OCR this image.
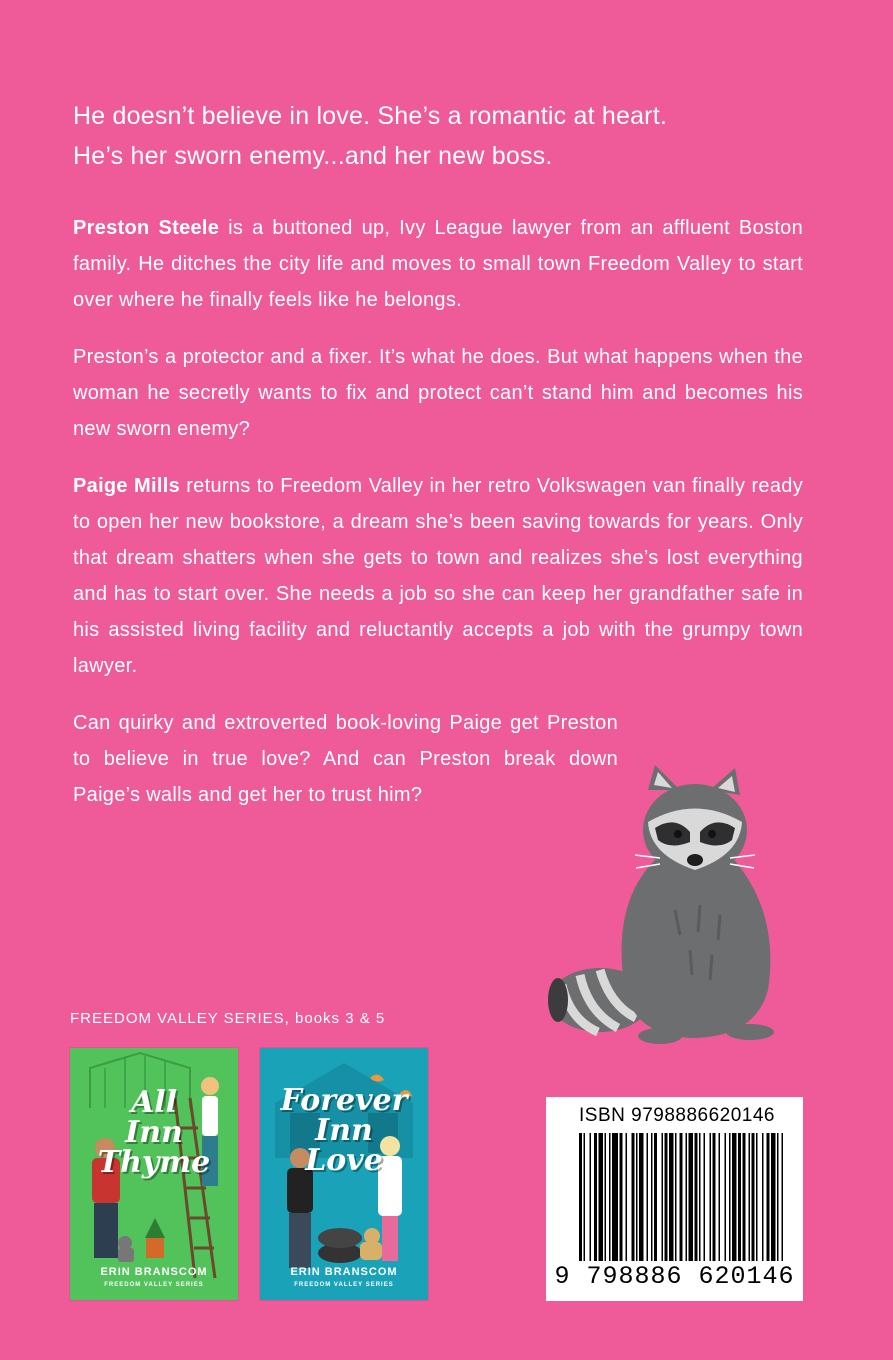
He doesn’t believe in love. She’s a romantic at heart.
He’s her sworn enemy...and her new boss.

Preston Steele is a buttoned up, Ivy League lawyer from an affluent Boston family. He ditches the city life and moves to small town Freedom Valley to start over where he finally feels like he belongs.

Preston’s a protector and a fixer. It’s what he does. But what happens when the woman he secretly wants to fix and protect can’t stand him and becomes his new sworn enemy?

Paige Mills returns to Freedom Valley in her retro Volkswagen van finally ready to open her new bookstore, a dream she’s been saving towards for years. Only that dream shatters when she gets to town and realizes she’s lost everything and has to start over. She needs a job so she can keep her grandfather safe in his assisted living facility and reluctantly accepts a job with the grumpy town lawyer.

Can quirky and extroverted book-loving Paige get Preston to believe in true love? And can Preston break down Paige’s walls and get her to trust him?

FREEDOM VALLEY SERIES, books 3 & 5
All
Inn
Thyme
ERIN BRANSCOM
FREEDOM VALLEY SERIES
Forever
Inn
Love
ERIN BRANSCOM
FREEDOM VALLEY SERIES
ISBN 9798886620146
9 798886 620146
